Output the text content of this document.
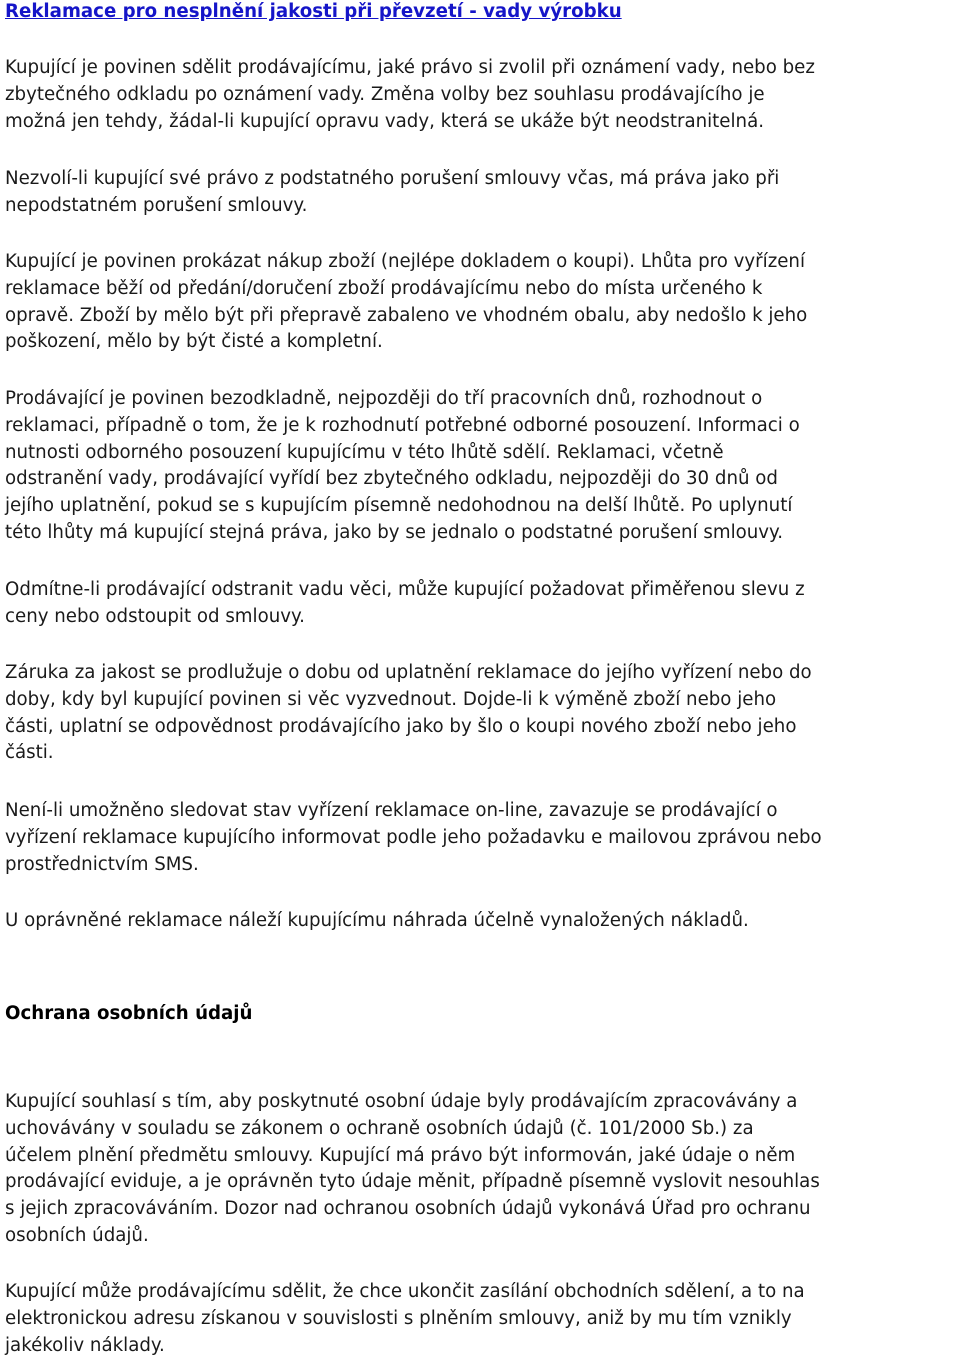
Reklamace pro nesplnění jakosti při převzetí - vady výrobku

Kupující je povinen sdělit prodávajícímu, jaké právo si zvolil při oznámení vady, nebo bez
zbytečného odkladu po oznámení vady. Změna volby bez souhlasu prodávajícího je
možná jen tehdy, žádal-li kupující opravu vady, která se ukáže být neodstranitelná.

Nezvolí-li kupující své právo z podstatného porušení smlouvy včas, má práva jako při
nepodstatném porušení smlouvy.

Kupující je povinen prokázat nákup zboží (nejlépe dokladem o koupi). Lhůta pro vyřízení
reklamace běží od předání/doručení zboží prodávajícímu nebo do místa určeného k
opravě. Zboží by mělo být při přepravě zabaleno ve vhodném obalu, aby nedošlo k jeho
poškození, mělo by být čisté a kompletní.

Prodávající je povinen bezodkladně, nejpozději do tří pracovních dnů, rozhodnout o
reklamaci, případně o tom, že je k rozhodnutí potřebné odborné posouzení. Informaci o
nutnosti odborného posouzení kupujícímu v této lhůtě sdělí. Reklamaci, včetně
odstranění vady, prodávající vyřídí bez zbytečného odkladu, nejpozději do 30 dnů od
jejího uplatnění, pokud se s kupujícím písemně nedohodnou na delší lhůtě. Po uplynutí
této lhůty má kupující stejná práva, jako by se jednalo o podstatné porušení smlouvy.

Odmítne-li prodávající odstranit vadu věci, může kupující požadovat přiměřenou slevu z
ceny nebo odstoupit od smlouvy.

Záruka za jakost se prodlužuje o dobu od uplatnění reklamace do jejího vyřízení nebo do
doby, kdy byl kupující povinen si věc vyzvednout. Dojde-li k výměně zboží nebo jeho
části, uplatní se odpovědnost prodávajícího jako by šlo o koupi nového zboží nebo jeho
části.

Není-li umožněno sledovat stav vyřízení reklamace on-line, zavazuje se prodávající o
vyřízení reklamace kupujícího informovat podle jeho požadavku e mailovou zprávou nebo
prostřednictvím SMS.

U oprávněné reklamace náleží kupujícímu náhrada účelně vynaložených nákladů.

Ochrana osobních údajů

Kupující souhlasí s tím, aby poskytnuté osobní údaje byly prodávajícím zpracovávány a
uchovávány v souladu se zákonem o ochraně osobních údajů (č. 101/2000 Sb.) za
účelem plnění předmětu smlouvy. Kupující má právo být informován, jaké údaje o něm
prodávající eviduje, a je oprávněn tyto údaje měnit, případně písemně vyslovit nesouhlas
s jejich zpracováváním. Dozor nad ochranou osobních údajů vykonává Úřad pro ochranu
osobních údajů.

Kupující může prodávajícímu sdělit, že chce ukončit zasílání obchodních sdělení, a to na
elektronickou adresu získanou v souvislosti s plněním smlouvy, aniž by mu tím vznikly
jakékoliv náklady.
